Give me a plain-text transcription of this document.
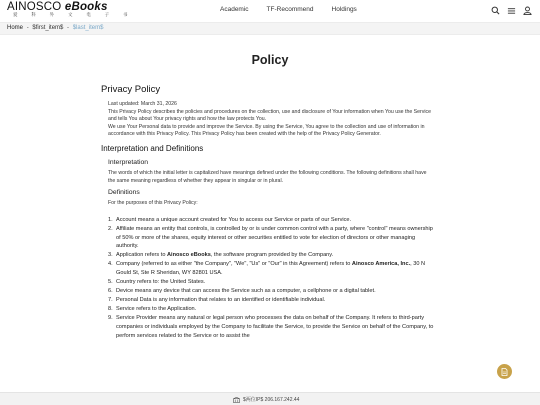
AINOSCO eBooks
爱 科 外 文 电 子 书
Academic	TF-Recommend	Holdings
Home - $first_item$ - $last_item$
Policy
Privacy Policy
Last updated: March 31, 2026
This Privacy Policy describes the policies and procedures on the collection, use and disclosure of Your information when You use the Service and tells You about Your privacy rights and how the law protects You.
We use Your Personal data to provide and improve the Service. By using the Service, You agree to the collection and use of information in accordance with this Privacy Policy. This Privacy Policy has been created with the help of the Privacy Policy Generator.
Interpretation and Definitions
Interpretation
The words of which the initial letter is capitalized have meanings defined under the following conditions. The following definitions shall have the same meaning regardless of whether they appear in singular or in plural.
Definitions
For the purposes of this Privacy Policy:
1. Account means a unique account created for You to access our Service or parts of our Service.
2. Affiliate means an entity that controls, is controlled by or is under common control with a party, where "control" means ownership of 50% or more of the shares, equity interest or other securities entitled to vote for election of directors or other managing authority.
3. Application refers to Ainosco eBooks, the software program provided by the Company.
4. Company (referred to as either "the Company", "We", "Us" or "Our" in this Agreement) refers to Ainosco America, Inc., 30 N Gould St, Ste R Sheridan, WY 82801 USA.
5. Country refers to: the United States.
6. Device means any device that can access the Service such as a computer, a cellphone or a digital tablet.
7. Personal Data is any information that relates to an identified or identifiable individual.
8. Service refers to the Application.
9. Service Provider means any natural or legal person who processes the data on behalf of the Company. It refers to third-party companies or individuals employed by the Company to facilitate the Service, to provide the Service on behalf of the Company, to perform services related to the Service or to assist the
$两位IP$ 206.167.242.44
